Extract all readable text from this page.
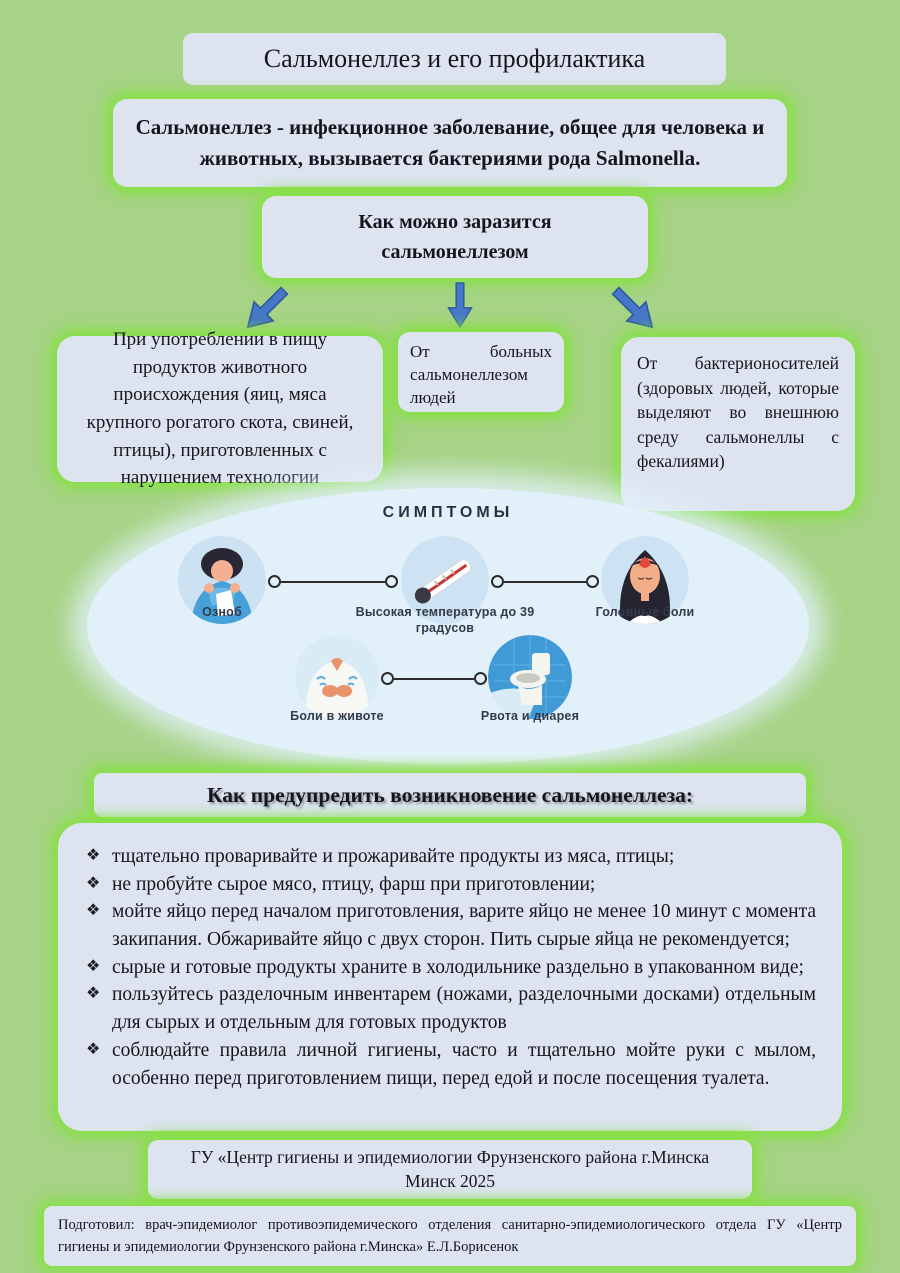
Сальмонеллез и его профилактика
Сальмонеллез - инфекционное заболевание, общее для человека и животных, вызывается бактериями рода Salmonella.
Как можно заразится сальмонеллезом
При употреблении в пищу продуктов животного происхождения (яиц, мяса крупного рогатого скота, свиней, птицы), приготовленных с нарушением технологии
От больных сальмонеллезом людей
От бактерионосителей (здоровых людей, которые выделяют во внешнюю среду сальмонеллы с фекалиями)
СИМПТОМЫ
Озноб	Высокая температура до 39 градусов
Головные боли
Боли в животе	Рвота и диарея
Как предупредить возникновение сальмонеллеза:
❖ тщательно проваривайте и прожаривайте продукты из мяса, птицы;
❖ не пробуйте сырое мясо, птицу, фарш при приготовлении;
❖ мойте яйцо перед началом приготовления, варите яйцо не менее 10 минут с момента закипания. Обжаривайте яйцо с двух сторон. Пить сырые яйца не рекомендуется;
❖ сырые и готовые продукты храните в холодильнике раздельно в упакованном виде;
❖ пользуйтесь разделочным инвентарем (ножами, разделочными досками) отдельным для сырых и отдельным для готовых продуктов
❖ соблюдайте правила личной гигиены, часто и тщательно мойте руки с мылом, особенно перед приготовлением пищи, перед едой и после посещения туалета.
ГУ «Центр гигиены и эпидемиологии Фрунзенского района г.Минска
Минск 2025
Подготовил: врач-эпидемиолог противоэпидемического отделения санитарно-эпидемиологического отдела ГУ «Центр гигиены и эпидемиологии Фрунзенского района г.Минска» Е.Л.Борисенок
